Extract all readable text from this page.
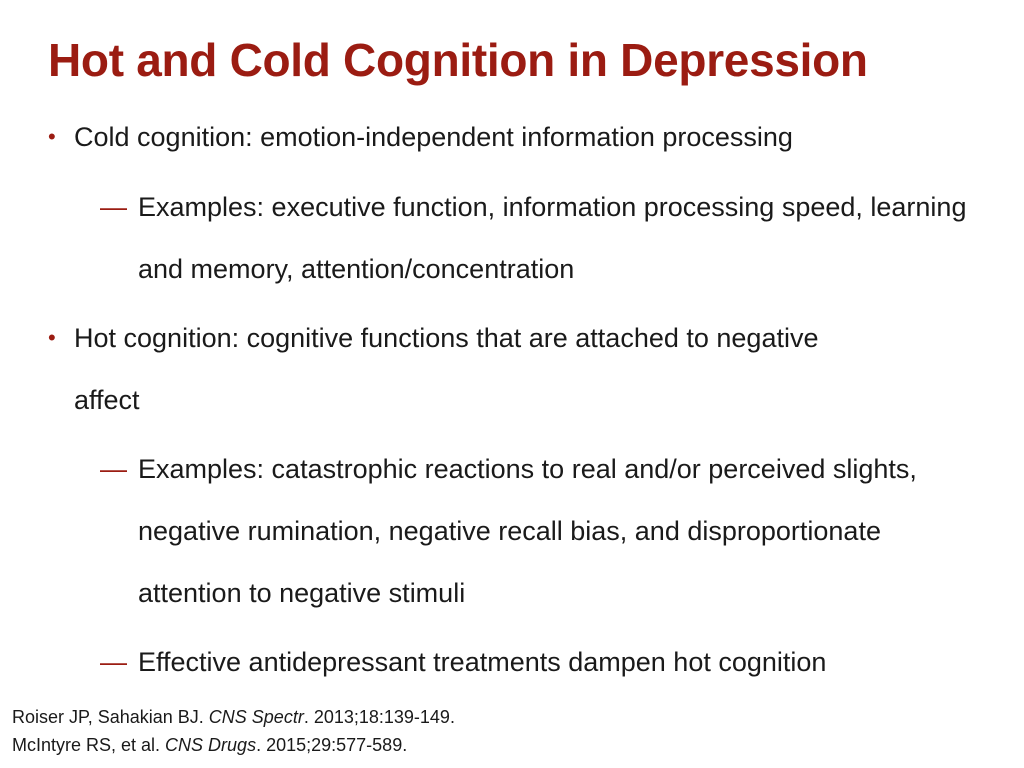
Hot and Cold Cognition in Depression
• Cold cognition: emotion-independent information processing
— Examples: executive function, information processing speed, learning and memory, attention/concentration
• Hot cognition: cognitive functions that are attached to negative affect
— Examples: catastrophic reactions to real and/or perceived slights, negative rumination, negative recall bias, and disproportionate attention to negative stimuli
— Effective antidepressant treatments dampen hot cognition
Roiser JP, Sahakian BJ. CNS Spectr. 2013;18:139-149.
McIntyre RS, et al. CNS Drugs. 2015;29:577-589.
